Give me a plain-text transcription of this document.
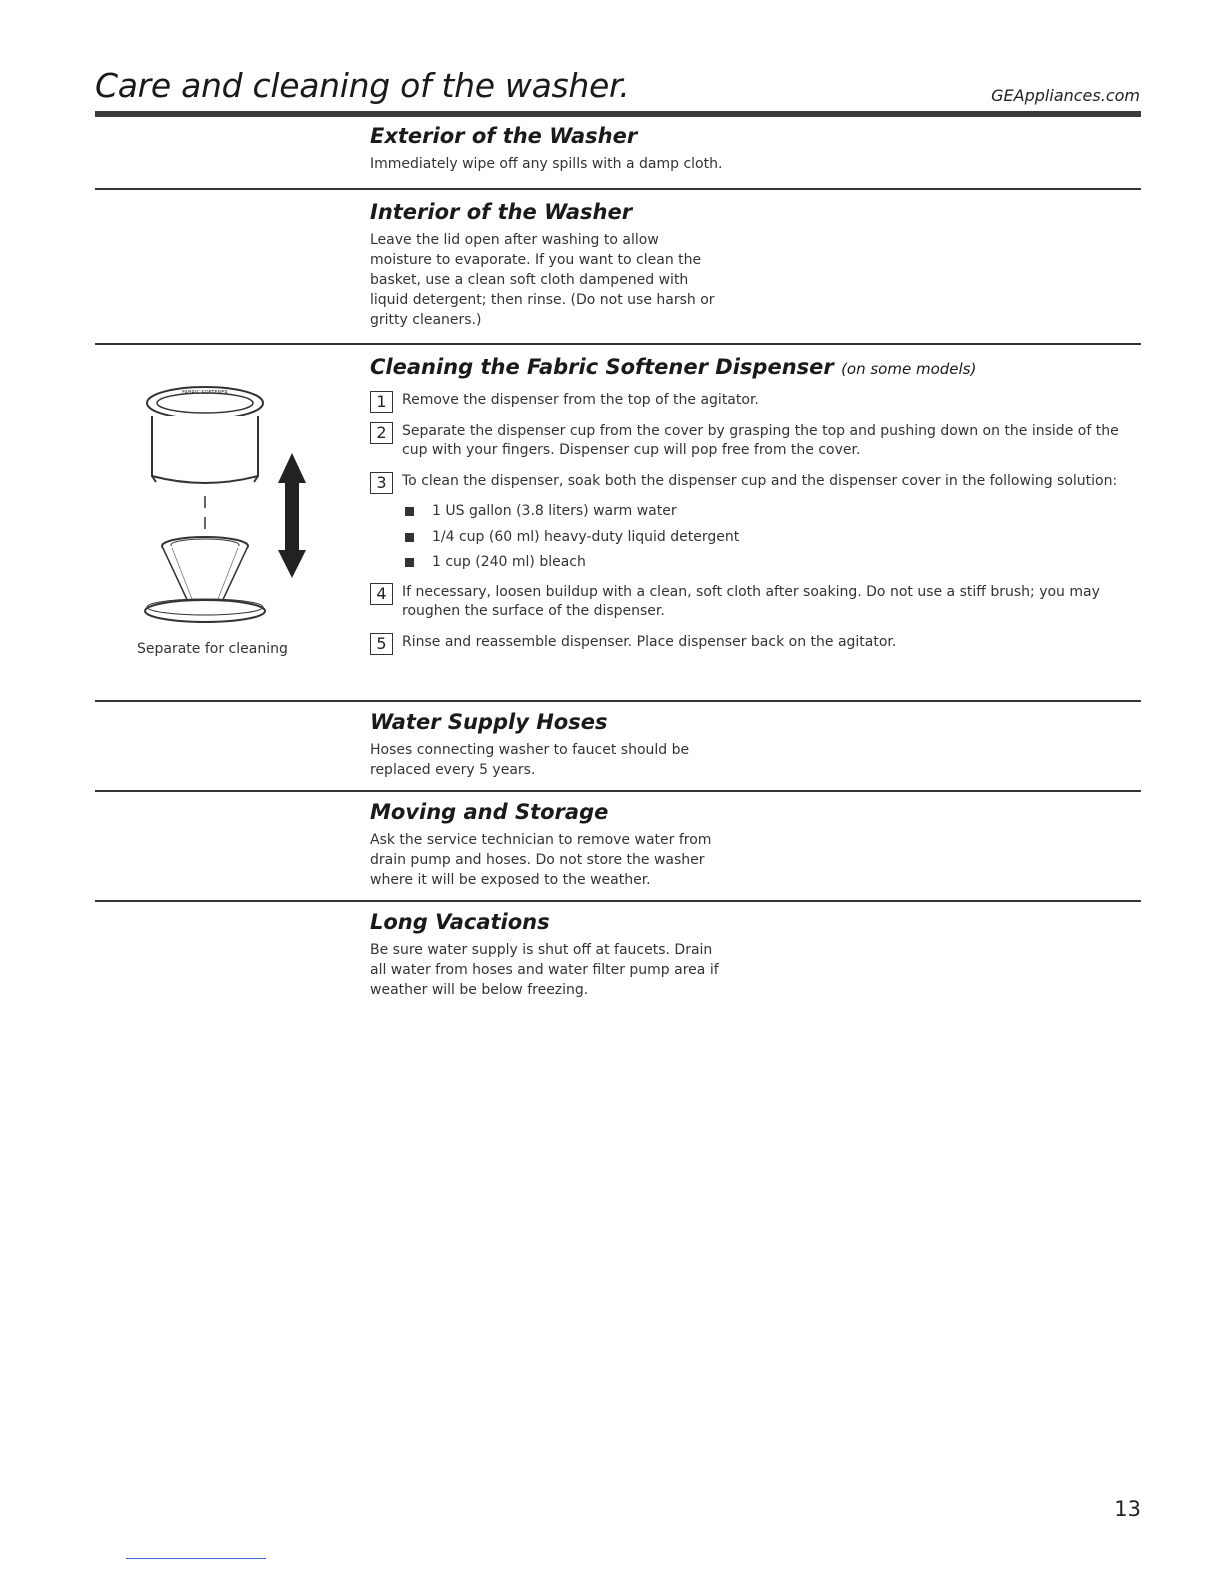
Care and cleaning of the washer.	GEAppliances.com
Exterior of the Washer

Immediately wipe off any spills with a damp cloth.

Interior of the Washer

Leave the lid open after washing to allow
moisture to evaporate. If you want to clean the
basket, use a clean soft cloth dampened with
liquid detergent; then rinse. (Do not use harsh or
gritty cleaners.)

Cleaning the Fabric Softener Dispenser (on some models)
1	Remove the dispenser from the top of the agitator.
2	Separate the dispenser cup from the cover by grasping the top and pushing down on the inside of the cup with your fingers. Dispenser cup will pop free from the cover.
3	To clean the dispenser, soak both the dispenser cup and the dispenser cover in the following solution:
1 US gallon (3.8 liters) warm water
1/4 cup (60 ml) heavy-duty liquid detergent
1 cup (240 ml) bleach
4	If necessary, loosen buildup with a clean, soft cloth after soaking. Do not use a stiff brush; you may roughen the surface of the dispenser.
5	Rinse and reassemble dispenser. Place dispenser back on the agitator.
FABRIC SOFTENER
Separate for cleaning
Water Supply Hoses

Hoses connecting washer to faucet should be
replaced every 5 years.

Moving and Storage

Ask the service technician to remove water from
drain pump and hoses. Do not store the washer
where it will be exposed to the weather.

Long Vacations

Be sure water supply is shut off at faucets. Drain
all water from hoses and water filter pump area if
weather will be below freezing.

13
